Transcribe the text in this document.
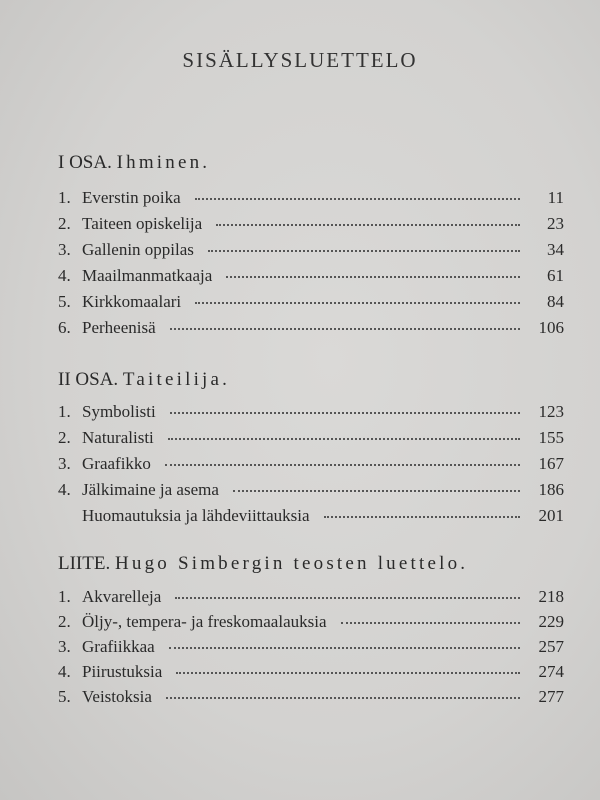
SISÄLLYSLUETTELO
I OSA. Ihminen.
1. Everstin poika	11
2. Taiteen opiskelija	23
3. Gallenin oppilas	34
4. Maailmanmatkaaja	61
5. Kirkkomaalari	84
6. Perheenisä	106
II OSA. Taiteilija.
1. Symbolisti	123
2. Naturalisti	155
3. Graafikko	167
4. Jälkimaine ja asema	186
Huomautuksia ja lähdeviittauksia	201
LIITE. Hugo Simbergin teosten luettelo.
1. Akvarelleja	218
2. Öljy-, tempera- ja freskomaalauksia	229
3. Grafiikkaa	257
4. Piirustuksia	274
5. Veistoksia	277
